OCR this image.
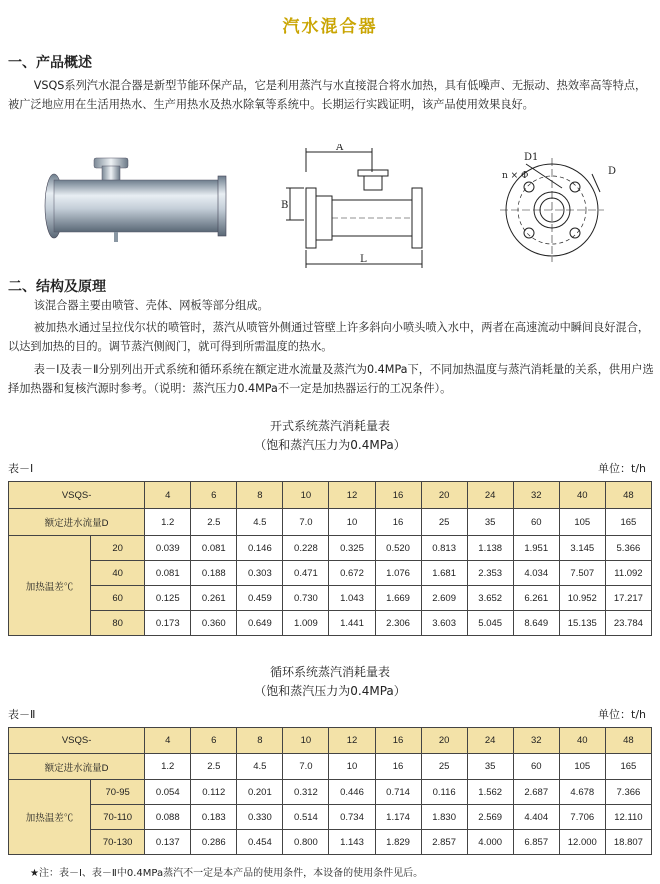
汽水混合器
一、产品概述
VSQS系列汽水混合器是新型节能环保产品，它是利用蒸汽与水直接混合将水加热，具有低噪声、无振动、热效率高等特点，被广泛地应用在生活用热水、生产用热水及热水除氧等系统中。长期运行实践证明，该产品使用效果良好。
A
B
L
D1
n × Φ	D
二、结构及原理
该混合器主要由喷管、壳体、网板等部分组成。
被加热水通过呈拉伐尔状的喷管时，蒸汽从喷管外侧通过管壁上许多斜向小喷头喷入水中，两者在高速流动中瞬间良好混合，以达到加热的目的。调节蒸汽侧阀门，就可得到所需温度的热水。
表－Ⅰ及表－Ⅱ分别列出开式系统和循环系统在额定进水流量及蒸汽为0.4MPa下，不同加热温度与蒸汽消耗量的关系，供用户选择加热器和复核汽源时参考。（说明：蒸汽压力0.4MPa不一定是加热器运行的工况条件）。
开式系统蒸汽消耗量表
（饱和蒸汽压力为0.4MPa）
表－Ⅰ	单位：t/h
VSQS-		4	6	8	10	12	16	20	24	32	40	48
额定进水流量D		1.2	2.5	4.5	7.0	10	16	25	35	60	105	165
加热温差℃	20	0.039	0.081	0.146	0.228	0.325	0.520	0.813	1.138	1.951	3.145	5.366
	40	0.081	0.188	0.303	0.471	0.672	1.076	1.681	2.353	4.034	7.507	11.092
	60	0.125	0.261	0.459	0.730	1.043	1.669	2.609	3.652	6.261	10.952	17.217
	80	0.173	0.360	0.649	1.009	1.441	2.306	3.603	5.045	8.649	15.135	23.784
循环系统蒸汽消耗量表
（饱和蒸汽压力为0.4MPa）
表－Ⅱ	单位：t/h
VSQS-		4	6	8	10	12	16	20	24	32	40	48
额定进水流量D		1.2	2.5	4.5	7.0	10	16	25	35	60	105	165
加热温差℃	70-95	0.054	0.112	0.201	0.312	0.446	0.714	0.116	1.562	2.687	4.678	7.366
	70-110	0.088	0.183	0.330	0.514	0.734	1.174	1.830	2.569	4.404	7.706	12.110
	70-130	0.137	0.286	0.454	0.800	1.143	1.829	2.857	4.000	6.857	12.000	18.807
★注：表－Ⅰ、表－Ⅱ中0.4MPa蒸汽不一定是本产品的使用条件，本设备的使用条件见后。
